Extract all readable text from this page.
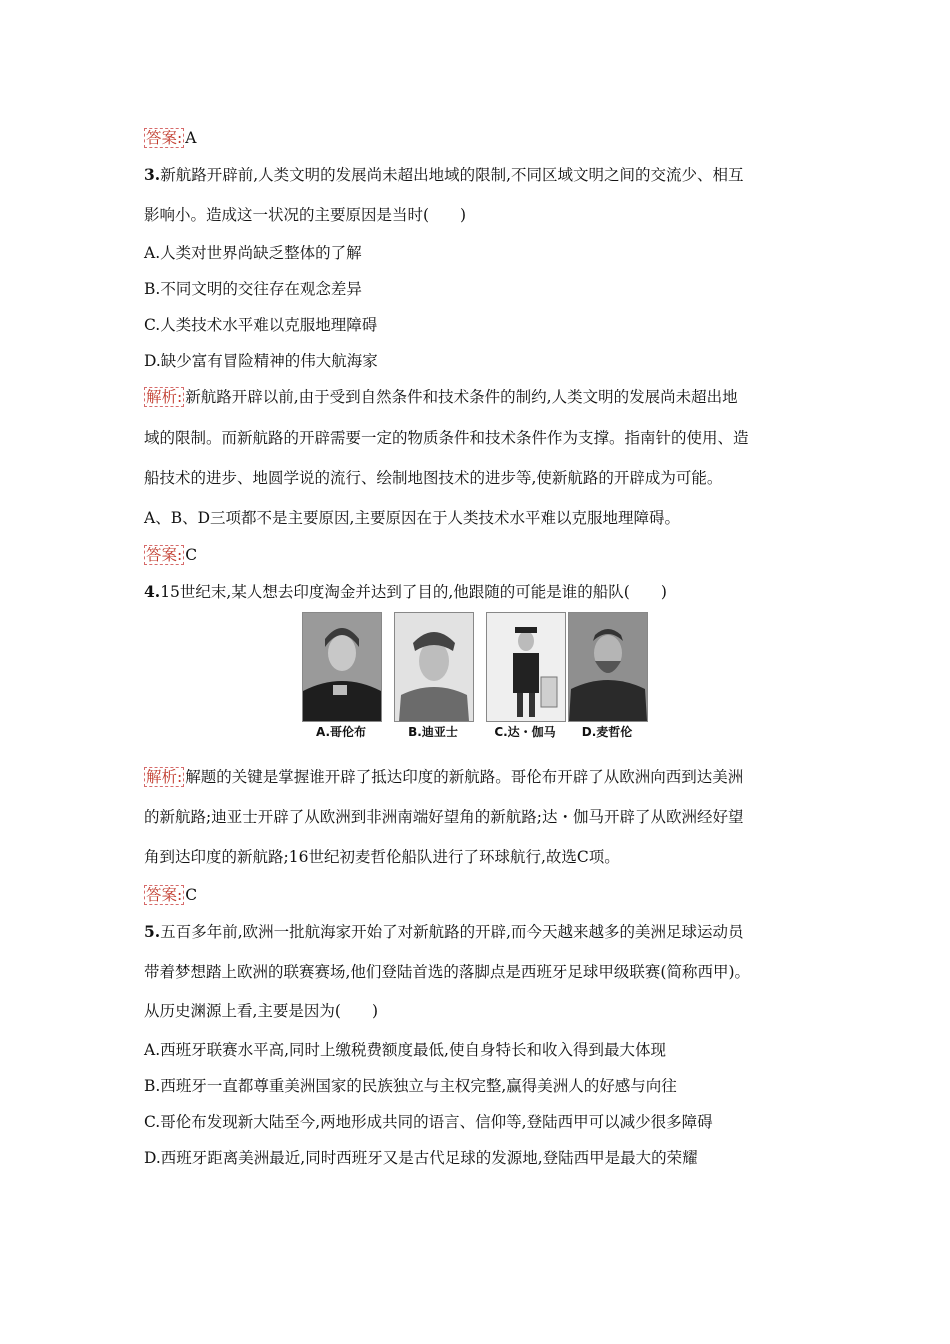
答案: A
3.新航路开辟前,人类文明的发展尚未超出地域的限制,不同区域文明之间的交流少、相互
影响小。造成这一状况的主要原因是当时(　　)
A.人类对世界尚缺乏整体的了解
B.不同文明的交往存在观念差异
C.人类技术水平难以克服地理障碍
D.缺少富有冒险精神的伟大航海家
解析: 新航路开辟以前,由于受到自然条件和技术条件的制约,人类文明的发展尚未超出地
域的限制。而新航路的开辟需要一定的物质条件和技术条件作为支撑。指南针的使用、造
船技术的进步、地圆学说的流行、绘制地图技术的进步等,使新航路的开辟成为可能。
A、B、D三项都不是主要原因,主要原因在于人类技术水平难以克服地理障碍。
答案: C
4.15世纪末,某人想去印度淘金并达到了目的,他跟随的可能是谁的船队(　　)
A.哥伦布	B.迪亚士	C.达・伽马	D.麦哲伦
解析: 解题的关键是掌握谁开辟了抵达印度的新航路。哥伦布开辟了从欧洲向西到达美洲
的新航路;迪亚士开辟了从欧洲到非洲南端好望角的新航路;达・伽马开辟了从欧洲经好望
角到达印度的新航路;16世纪初麦哲伦船队进行了环球航行,故选C项。
答案: C
5.五百多年前,欧洲一批航海家开始了对新航路的开辟,而今天越来越多的美洲足球运动员
带着梦想踏上欧洲的联赛赛场,他们登陆首选的落脚点是西班牙足球甲级联赛(简称西甲)。
从历史渊源上看,主要是因为(　　)
A.西班牙联赛水平高,同时上缴税费额度最低,使自身特长和收入得到最大体现
B.西班牙一直都尊重美洲国家的民族独立与主权完整,赢得美洲人的好感与向往
C.哥伦布发现新大陆至今,两地形成共同的语言、信仰等,登陆西甲可以减少很多障碍
D.西班牙距离美洲最近,同时西班牙又是古代足球的发源地,登陆西甲是最大的荣耀
